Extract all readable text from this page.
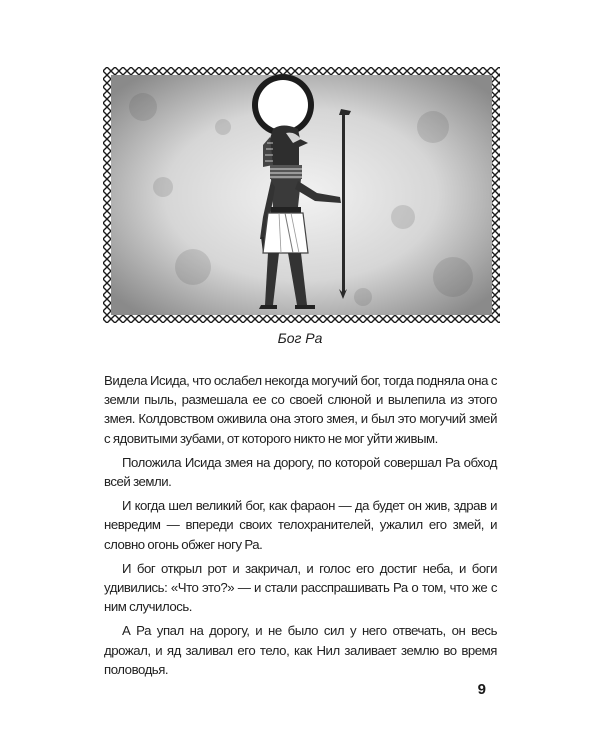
Бог Ра

Видела Исида, что ослабел некогда могучий бог, тогда подняла она с земли пыль, размешала ее со своей слюной и вылепила из этого змея. Колдовством оживила она этого змея, и был это могучий змей с ядовитыми зубами, от которого никто не мог уйти живым.

Положила Исида змея на дорогу, по которой совершал Ра обход всей земли.

И когда шел великий бог, как фараон — да будет он жив, здрав и невредим — впереди своих телохранителей, ужалил его змей, и словно огонь обжег ногу Ра.

И бог открыл рот и закричал, и голос его достиг неба, и боги удивились: «Что это?» — и стали расспрашивать Ра о том, что же с ним случилось.

А Ра упал на дорогу, и не было сил у него отвечать, он весь дрожал, и яд заливал его тело, как Нил заливает землю во время половодья.

9
